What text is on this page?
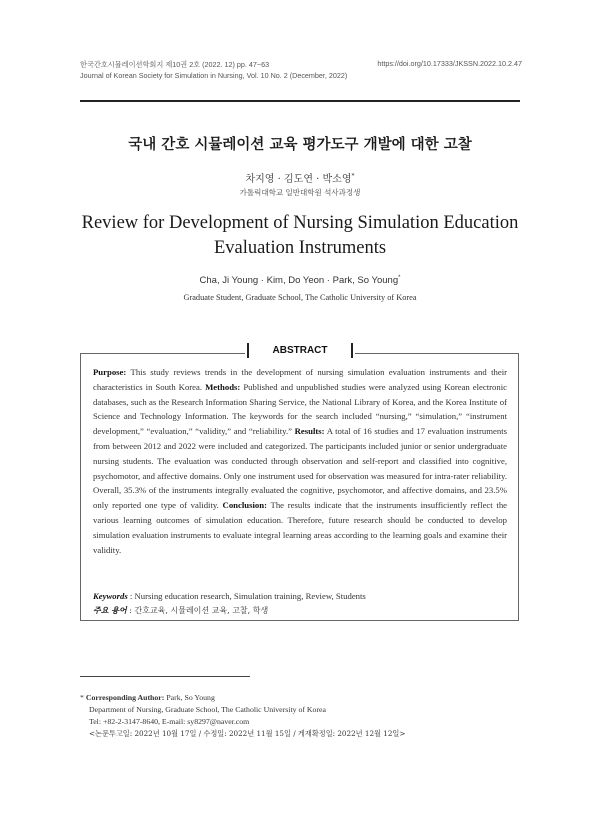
한국간호시뮬레이션학회지 제10권 2호 (2022. 12) pp. 47~63
Journal of Korean Society for Simulation in Nursing, Vol. 10 No. 2 (December, 2022)
https://doi.org/10.17333/JKSSN.2022.10.2.47
국내 간호 시뮬레이션 교육 평가도구 개발에 대한 고찰
차지영 · 김도연 · 박소영*
가톨릭대학교 일반대학원 석사과정생
Review for Development of Nursing Simulation Education
Evaluation Instruments
Cha, Ji Young · Kim, Do Yeon · Park, So Young*
Graduate Student, Graduate School, The Catholic University of Korea
ABSTRACT
Purpose: This study reviews trends in the development of nursing simulation evaluation instruments and their characteristics in South Korea. Methods: Published and unpublished studies were analyzed using Korean electronic databases, such as the Research Information Sharing Service, the National Library of Korea, and the Korea Institute of Science and Technology Information. The keywords for the search included “nursing,” “simulation,” “instrument development,” “evaluation,” “validity,” and “reliability.” Results: A total of 16 studies and 17 evaluation instruments from between 2012 and 2022 were included and categorized. The participants included junior or senior undergraduate nursing students. The evaluation was conducted through observation and self-report and classified into cognitive, psychomotor, and affective domains. Only one instrument used for observation was measured for intra-rater reliability. Overall, 35.3% of the instruments integrally evaluated the cognitive, psychomotor, and affective domains, and 23.5% only reported one type of validity. Conclusion: The results indicate that the instruments insufficiently reflect the various learning outcomes of simulation education. Therefore, future research should be conducted to develop simulation evaluation instruments to evaluate integral learning areas according to the learning goals and examine their validity.
Keywords : Nursing education research, Simulation training, Review, Students
주요 용어 : 간호교육, 시뮬레이션 교육, 고찰, 학생
* Corresponding Author: Park, So Young
Department of Nursing, Graduate School, The Catholic University of Korea
Tel: +82-2-3147-8640, E-mail: sy8297@naver.com
<논문투고일: 2022년 10월 17일 / 수정일: 2022년 11월 15일 / 게재확정일: 2022년 12월 12일>
